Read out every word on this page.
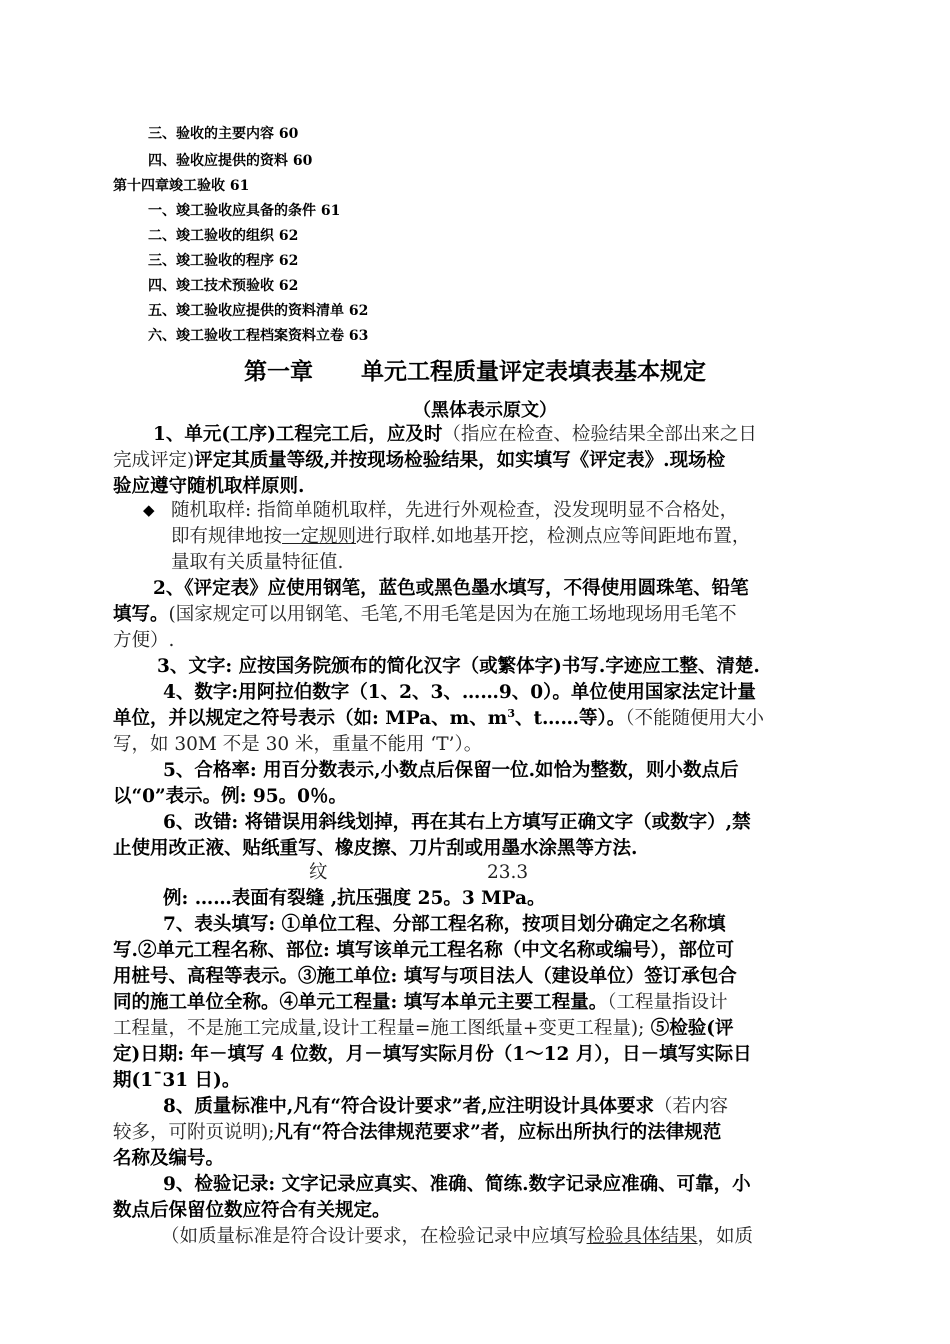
三、验收的主要内容 60
四、验收应提供的资料 60
第十四章竣工验收 61
一、竣工验收应具备的条件 61
二、竣工验收的组织 62
三、竣工验收的程序 62
四、竣工技术预验收 62
五、竣工验收应提供的资料清单 62
六、竣工验收工程档案资料立卷 63
第一章 单元工程质量评定表填表基本规定
（黑体表示原文）
1、单元(工序)工程完工后，应及时（指应在检查、检验结果全部出来之日
完成评定)评定其质量等级,并按现场检验结果，如实填写《评定表》.现场检
验应遵守随机取样原则.
◆ 随机取样: 指简单随机取样，先进行外观检查，没发现明显不合格处，
即有规律地按一定规则进行取样.如地基开挖，检测点应等间距地布置，
量取有关质量特征值.
2、《评定表》应使用钢笔，蓝色或黑色墨水填写，不得使用圆珠笔、铅笔
填写。(国家规定可以用钢笔、毛笔,不用毛笔是因为在施工场地现场用毛笔不
方便）.
3、文字: 应按国务院颁布的简化汉字（或繁体字)书写.字迹应工整、清楚.
4、数字:用阿拉伯数字（1、2、3、……9、0）。单位使用国家法定计量
单位，并以规定之符号表示（如: MPa、m、$m^3$、t……等）。（不能随便用大小
写，如 30M 不是 30 米，重量不能用 ‘T’）。
5、合格率: 用百分数表示,小数点后保留一位.如恰为整数，则小数点后
以“0”表示。例: 95。0％。
6、改错: 将错误用斜线划掉，再在其右上方填写正确文字（或数字）,禁
止使用改正液、贴纸重写、橡皮擦、刀片刮或用墨水涂黑等方法.
纹	23.3
例: ……表面有裂缝 ,抗压强度 25。3 MPa。
7、表头填写: ①单位工程、分部工程名称，按项目划分确定之名称填
写.②单元工程名称、部位: 填写该单元工程名称（中文名称或编号），部位可
用桩号、高程等表示。③施工单位: 填写与项目法人（建设单位）签订承包合
同的施工单位全称。④单元工程量: 填写本单元主要工程量。（工程量指设计
工程量，不是施工完成量,设计工程量=施工图纸量+变更工程量); ⑤检验(评
定)日期: 年－填写 4 位数，月－填写实际月份（1～12 月），日－填写实际日
期(1¯31 日)。
8、质量标准中,凡有“符合设计要求”者,应注明设计具体要求（若内容
较多，可附页说明);凡有“符合法律规范要求”者，应标出所执行的法律规范
名称及编号。
9、检验记录: 文字记录应真实、准确、简练.数字记录应准确、可靠，小
数点后保留位数应符合有关规定。
（如质量标准是符合设计要求，在检验记录中应填写检验具体结果，如质
